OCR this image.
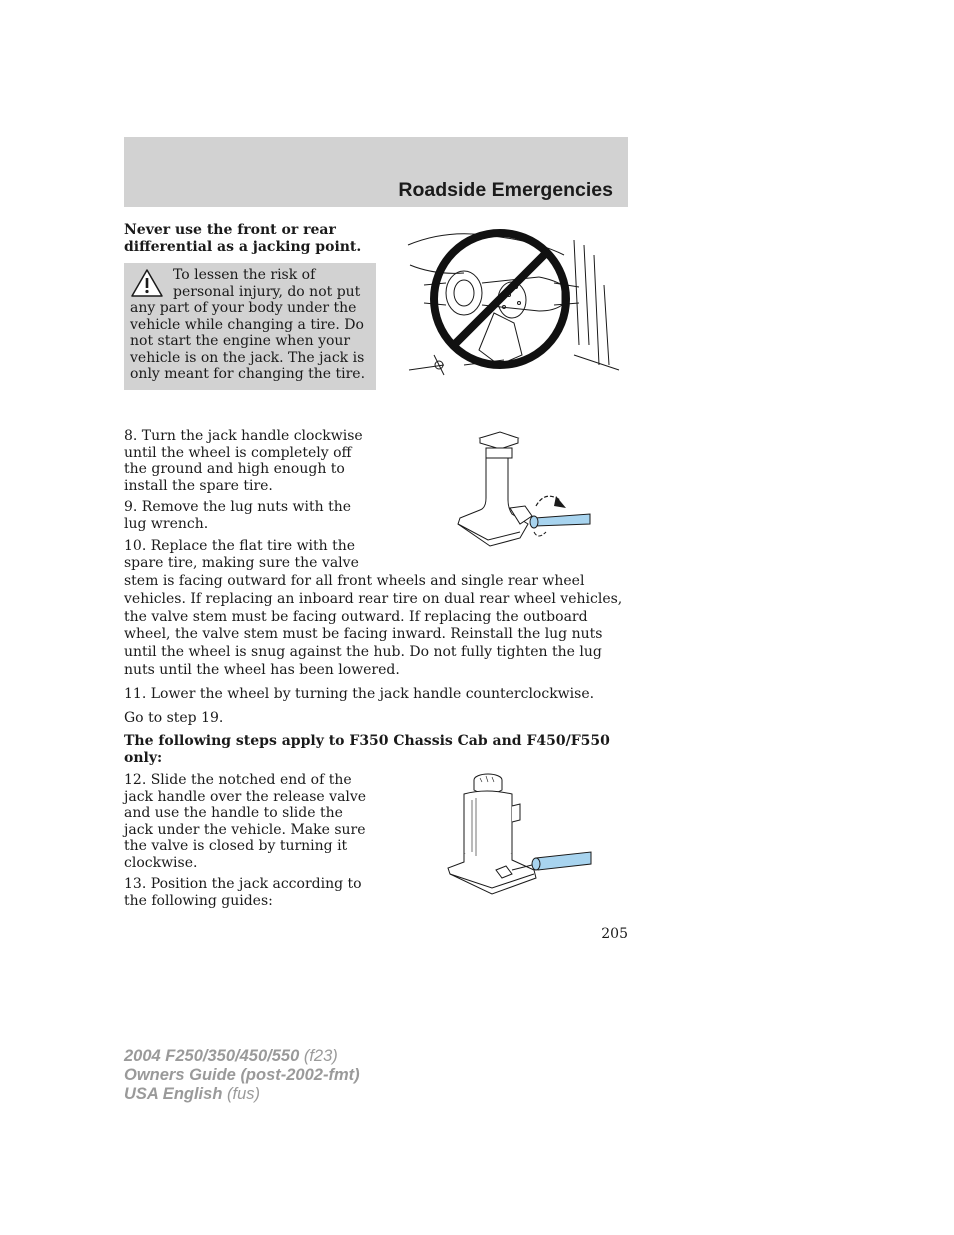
Roadside Emergencies

Never use the front or rear differential as a jacking point.

To lessen the risk of personal injury, do not put any part of your body under the vehicle while changing a tire. Do not start the engine when your vehicle is on the jack. The jack is only meant for changing the tire.

8. Turn the jack handle clockwise until the wheel is completely off the ground and high enough to install the spare tire.

9. Remove the lug nuts with the lug wrench.

10. Replace the flat tire with the spare tire, making sure the valve

stem is facing outward for all front wheels and single rear wheel vehicles. If replacing an inboard rear tire on dual rear wheel vehicles, the valve stem must be facing outward. If replacing the outboard wheel, the valve stem must be facing inward. Reinstall the lug nuts until the wheel is snug against the hub. Do not fully tighten the lug nuts until the wheel has been lowered.

11. Lower the wheel by turning the jack handle counterclockwise.

Go to step 19.

The following steps apply to F350 Chassis Cab and F450/F550 only:

12. Slide the notched end of the jack handle over the release valve and use the handle to slide the jack under the vehicle. Make sure the valve is closed by turning it clockwise.

13. Position the jack according to the following guides:

205

2004 F250/350/450/550 (f23)
Owners Guide (post-2002-fmt)
USA English (fus)
